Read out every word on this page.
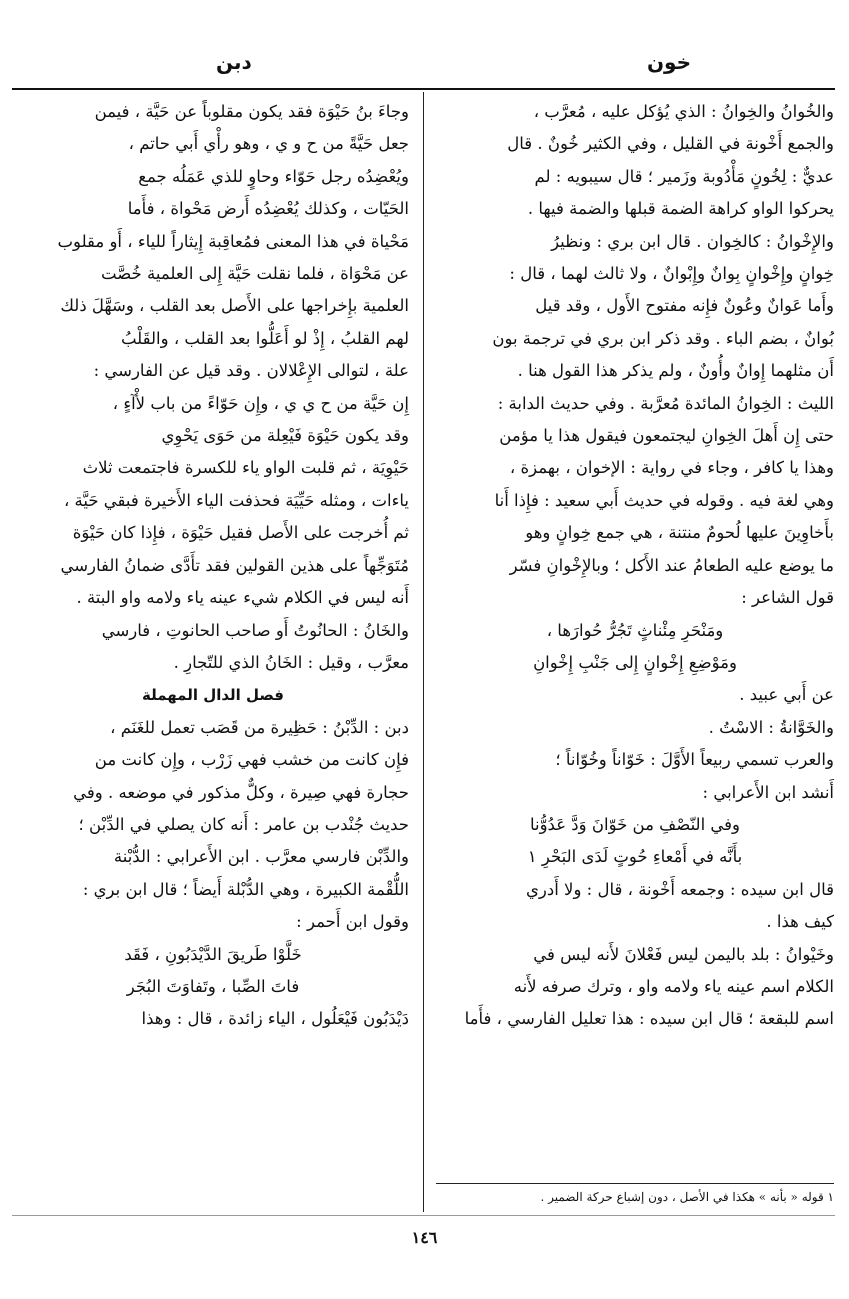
خون
دبن

والخُوانُ والخِوانُ : الذي يُؤكل عليه ، مُعرَّب ،

والجمع أَخْونة في القليل ، وفي الكثير خُونٌ . قال

عديٌّ : لِخُونٍ مَأْدُوبة وزَمير ؛ قال سيبويه : لم

يحركوا الواو كراهة الضمة قبلها والضمة فيها .

والإِخْوانُ : كالخِوان . قال ابن بري : ونظيرُ

خِوانٍ وإِخْوانٍ بِوانٌ وإِبْوانٌ ، ولا ثالث لهما ، قال :

وأَما عَوانٌ وعُونٌ فإِنه مفتوح الأَول ، وقد قيل

بُوانٌ ، بضم الباء . وقد ذكر ابن بري في ترجمة بون

أَن مثلهما إِوانٌ وأُونٌ ، ولم يذكر هذا القول هنا .

الليث : الخِوانُ المائدة مُعرَّبة . وفي حديث الدابة :

حتى إِن أَهلَ الخِوانِ ليجتمعون فيقول هذا يا مؤمن

وهذا يا كافر ، وجاء في رواية : الإخوان ، بهمزة ،

وهي لغة فيه . وقوله في حديث أَبي سعيد : فإِذا أَنا

بأَخاوِينَ عليها لُحومٌ منتنة ، هي جمع خِوانٍ وهو

ما يوضع عليه الطعامُ عند الأَكل ؛ وبالإِخْوانِ فسّر

قول الشاعر :

ومَنْحَرِ مِئْناثٍ تَجُرُّ حُوارَها ،

ومَوْضِعِ إِخْوانٍ إِلى جَنْبِ إِخْوانِ

عن أَبي عبيد .

والخَوَّانةُ : الاسْتُ .

والعرب تسمي ربيعاً الأَوَّلَ : خَوّاناً وخُوّاناً ؛

أَنشد ابن الأَعرابي :

وفي النّصْفِ من خَوّانَ وَدَّ عَدُوُّنا

بأَنَّه في أَمْعاءِ حُوتٍ لَدَى البَحْرِ ١

قال ابن سيده : وجمعه أَخْونة ، قال : ولا أَدري

كيف هذا .

وخَيْوانُ : بلد باليمن ليس فَعْلانَ لأَنه ليس في

الكلام اسم عينه ياء ولامه واو ، وترك صرفه لأَنه

اسم للبقعة ؛ قال ابن سيده : هذا تعليل الفارسي ، فأَما

١ قوله « بأنه » هكذا في الأصل ، دون إشباع حركة الضمير .

وجاءَ بنُ حَيْوَة فقد يكون مقلوباً عن حَيَّة ، فيمن

جعل حَيَّةً من ح و ي ، وهو رأْي أَبي حاتم ،

ويُعْضِدُه رجل حَوّاء وحاوٍ للذي عَمَلُه جمع

الحَيّات ، وكذلك يُعْضِدُه أَرض مَحْواة ، فأَما

مَحْياة في هذا المعنى فمُعاقِبة إِيثاراً للياء ، أَو مقلوب

عن مَحْوَاة ، فلما نقلت حَيَّة إِلى العلمية خُصَّت

العلمية بإِخراجها على الأَصل بعد القلب ، وسَهَّلَ ذلك

لهم القلبُ ، إِذْ لو أَعَلُّوا بعد القلب ، والقَلْبُ

علة ، لتوالى الإِعْلالان . وقد قيل عن الفارسي :

إِن حَيَّة من ح ي ي ، وإِن حَوّاءً من باب لأْآءٍ ،

وقد يكون حَيْوَة فَيْعِلة من حَوَى يَحْوِي

حَيْوِيَة ، ثم قلبت الواو ياء للكسرة فاجتمعت ثلاث

ياءات ، ومثله حَيِّيَة فحذفت الياء الأَخيرة فبقي حَيَّة ،

ثم أُخرجت على الأَصل فقيل حَيْوَة ، فإِذا كان حَيْوَة

مُتَوَجِّهاً على هذين القولين فقد تأَدَّى ضمانُ الفارسي

أَنه ليس في الكلام شيء عينه ياء ولامه واو البتة .

والخَانُ : الحانُوتُ أَو صاحب الحانوتِ ، فارسي

معرَّب ، وقيل : الخَانُ الذي للتّجارِ .

فصل الدال المهملة

دبن : الدِّبْنُ : حَظِيرة من قَصَب تعمل للغَنَم ،

فإِن كانت من خشب فهي زَرْب ، وإِن كانت من

حجارة فهي صِيرة ، وكلٌّ مذكور في موضعه . وفي

حديث جُنْدب بن عامر : أَنه كان يصلي في الدِّبْن ؛

والدِّبْن فارسي معرَّب . ابن الأَعرابي : الدُّبْنة

اللُّقْمة الكبيرة ، وهي الدُّبْلة أَيضاً ؛ قال ابن بري :

وقول ابن أَحمر :

خَلَّوْا طَريقَ الدَّيْدَبُونِ ، فَقَد

فاتَ الصِّبا ، وتَفاوَتَ البُجَر

دَيْدَبُون فَيْعَلُول ، الياء زائدة ، قال : وهذا

١٤٦
